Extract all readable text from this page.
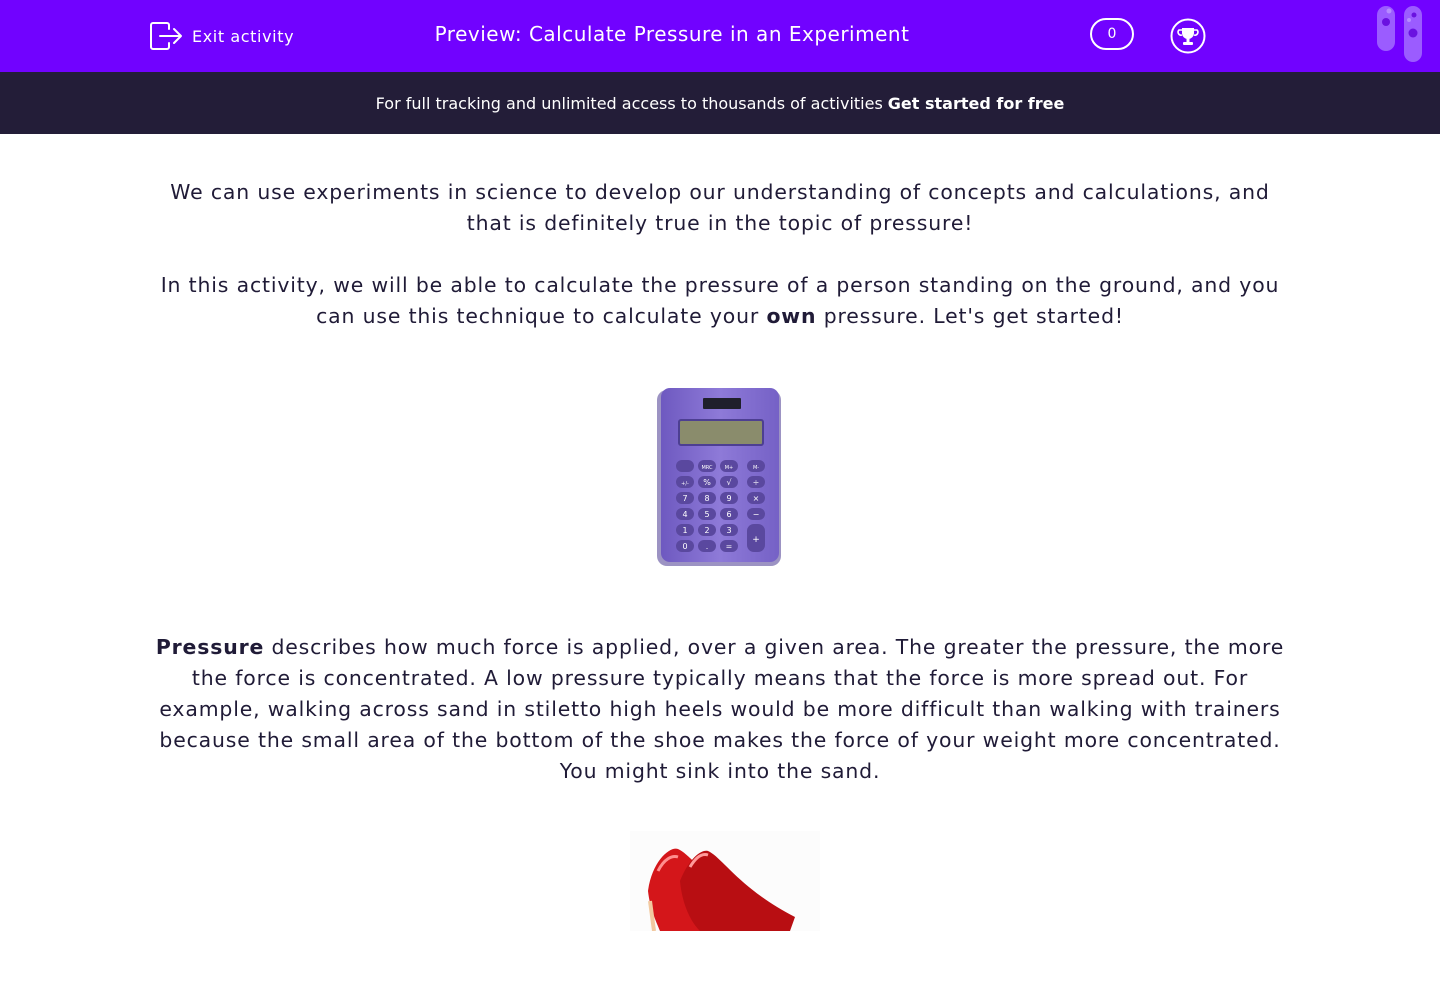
Exit activity	Preview: Calculate Pressure in an Experiment	0
For full tracking and unlimited access to thousands of activities Get started for free

We can use experiments in science to develop our understanding of concepts and calculations, and that is definitely true in the topic of pressure!

In this activity, we will be able to calculate the pressure of a person standing on the ground, and you can use this technique to calculate your own pressure. Let's get started!

MRC M+	M-
+/- % √	÷
7 8 9	×
4 5 6	−
1 2 3
0 . =
+

Pressure describes how much force is applied, over a given area. The greater the pressure, the more the force is concentrated. A low pressure typically means that the force is more spread out. For example, walking across sand in stiletto high heels would be more difficult than walking with trainers because the small area of the bottom of the shoe makes the force of your weight more concentrated. You might sink into the sand.
